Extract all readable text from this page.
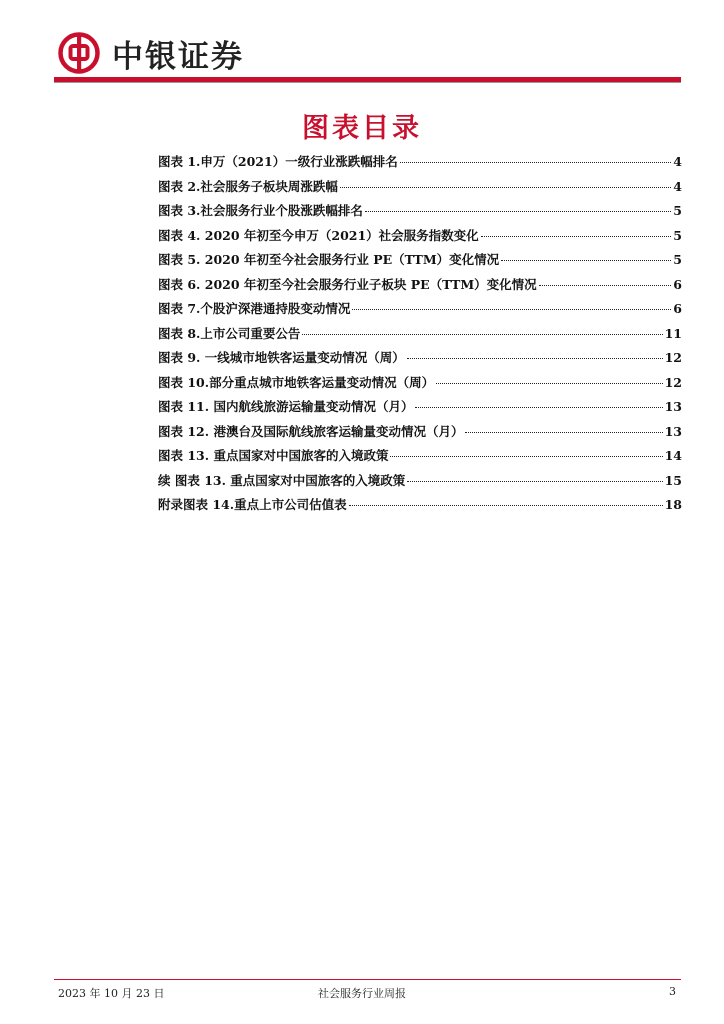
中银证券
图表目录
图表 1.申万（2021）一级行业涨跌幅排名	4
图表 2.社会服务子板块周涨跌幅	4
图表 3.社会服务行业个股涨跌幅排名	5
图表 4. 2020 年初至今申万（2021）社会服务指数变化	5
图表 5. 2020 年初至今社会服务行业 PE（TTM）变化情况	5
图表 6. 2020 年初至今社会服务行业子板块 PE（TTM）变化情况	6
图表 7.个股沪深港通持股变动情况	6
图表 8.上市公司重要公告	11
图表 9. 一线城市地铁客运量变动情况（周）	12
图表 10.部分重点城市地铁客运量变动情况（周）	12
图表 11. 国内航线旅游运输量变动情况（月）	13
图表 12. 港澳台及国际航线旅客运输量变动情况（月）	13
图表 13. 重点国家对中国旅客的入境政策	14
续 图表 13. 重点国家对中国旅客的入境政策	15
附录图表 14.重点上市公司估值表	18
2023 年 10 月 23 日	社会服务行业周报	3
